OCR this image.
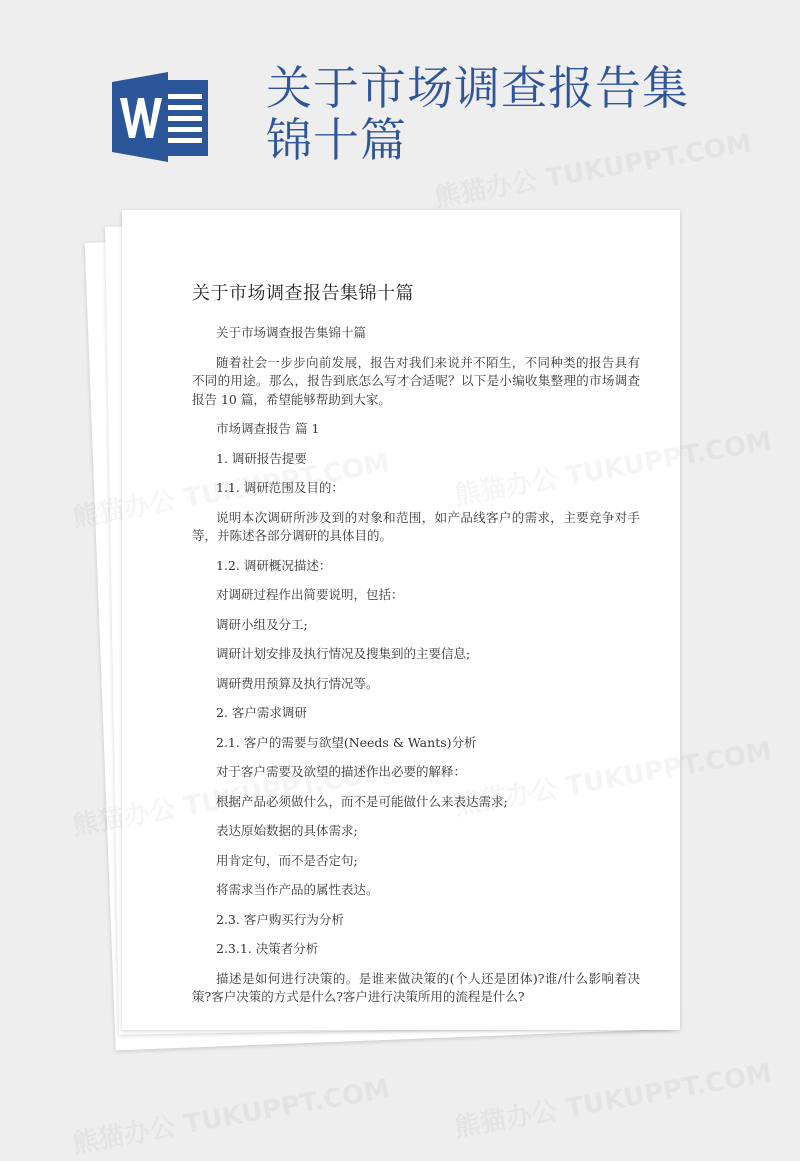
关于市场调查报告集锦十篇
关于市场调查报告集锦十篇
关于市场调查报告集锦十篇
随着社会一步步向前发展，报告对我们来说并不陌生，不同种类的报告具有不同的用途。那么，报告到底怎么写才合适呢？以下是小编收集整理的市场调查报告 10 篇，希望能够帮助到大家。
市场调查报告 篇 1
1. 调研报告提要
1.1. 调研范围及目的：
说明本次调研所涉及到的对象和范围，如产品线客户的需求，主要竞争对手等，并陈述各部分调研的具体目的。
1.2. 调研概况描述：
对调研过程作出简要说明，包括：
调研小组及分工;
调研计划安排及执行情况及搜集到的主要信息;
调研费用预算及执行情况等。
2. 客户需求调研
2.1. 客户的需要与欲望(Needs & Wants)分析
对于客户需要及欲望的描述作出必要的解释：
根据产品必须做什么，而不是可能做什么来表达需求;
表达原始数据的具体需求;
用肯定句，而不是否定句;
将需求当作产品的属性表达。
2.3. 客户购买行为分析
2.3.1. 决策者分析
描述是如何进行决策的。是谁来做决策的(个人还是团体)?谁/什么影响着决策?客户决策的方式是什么?客户进行决策所用的流程是什么?
